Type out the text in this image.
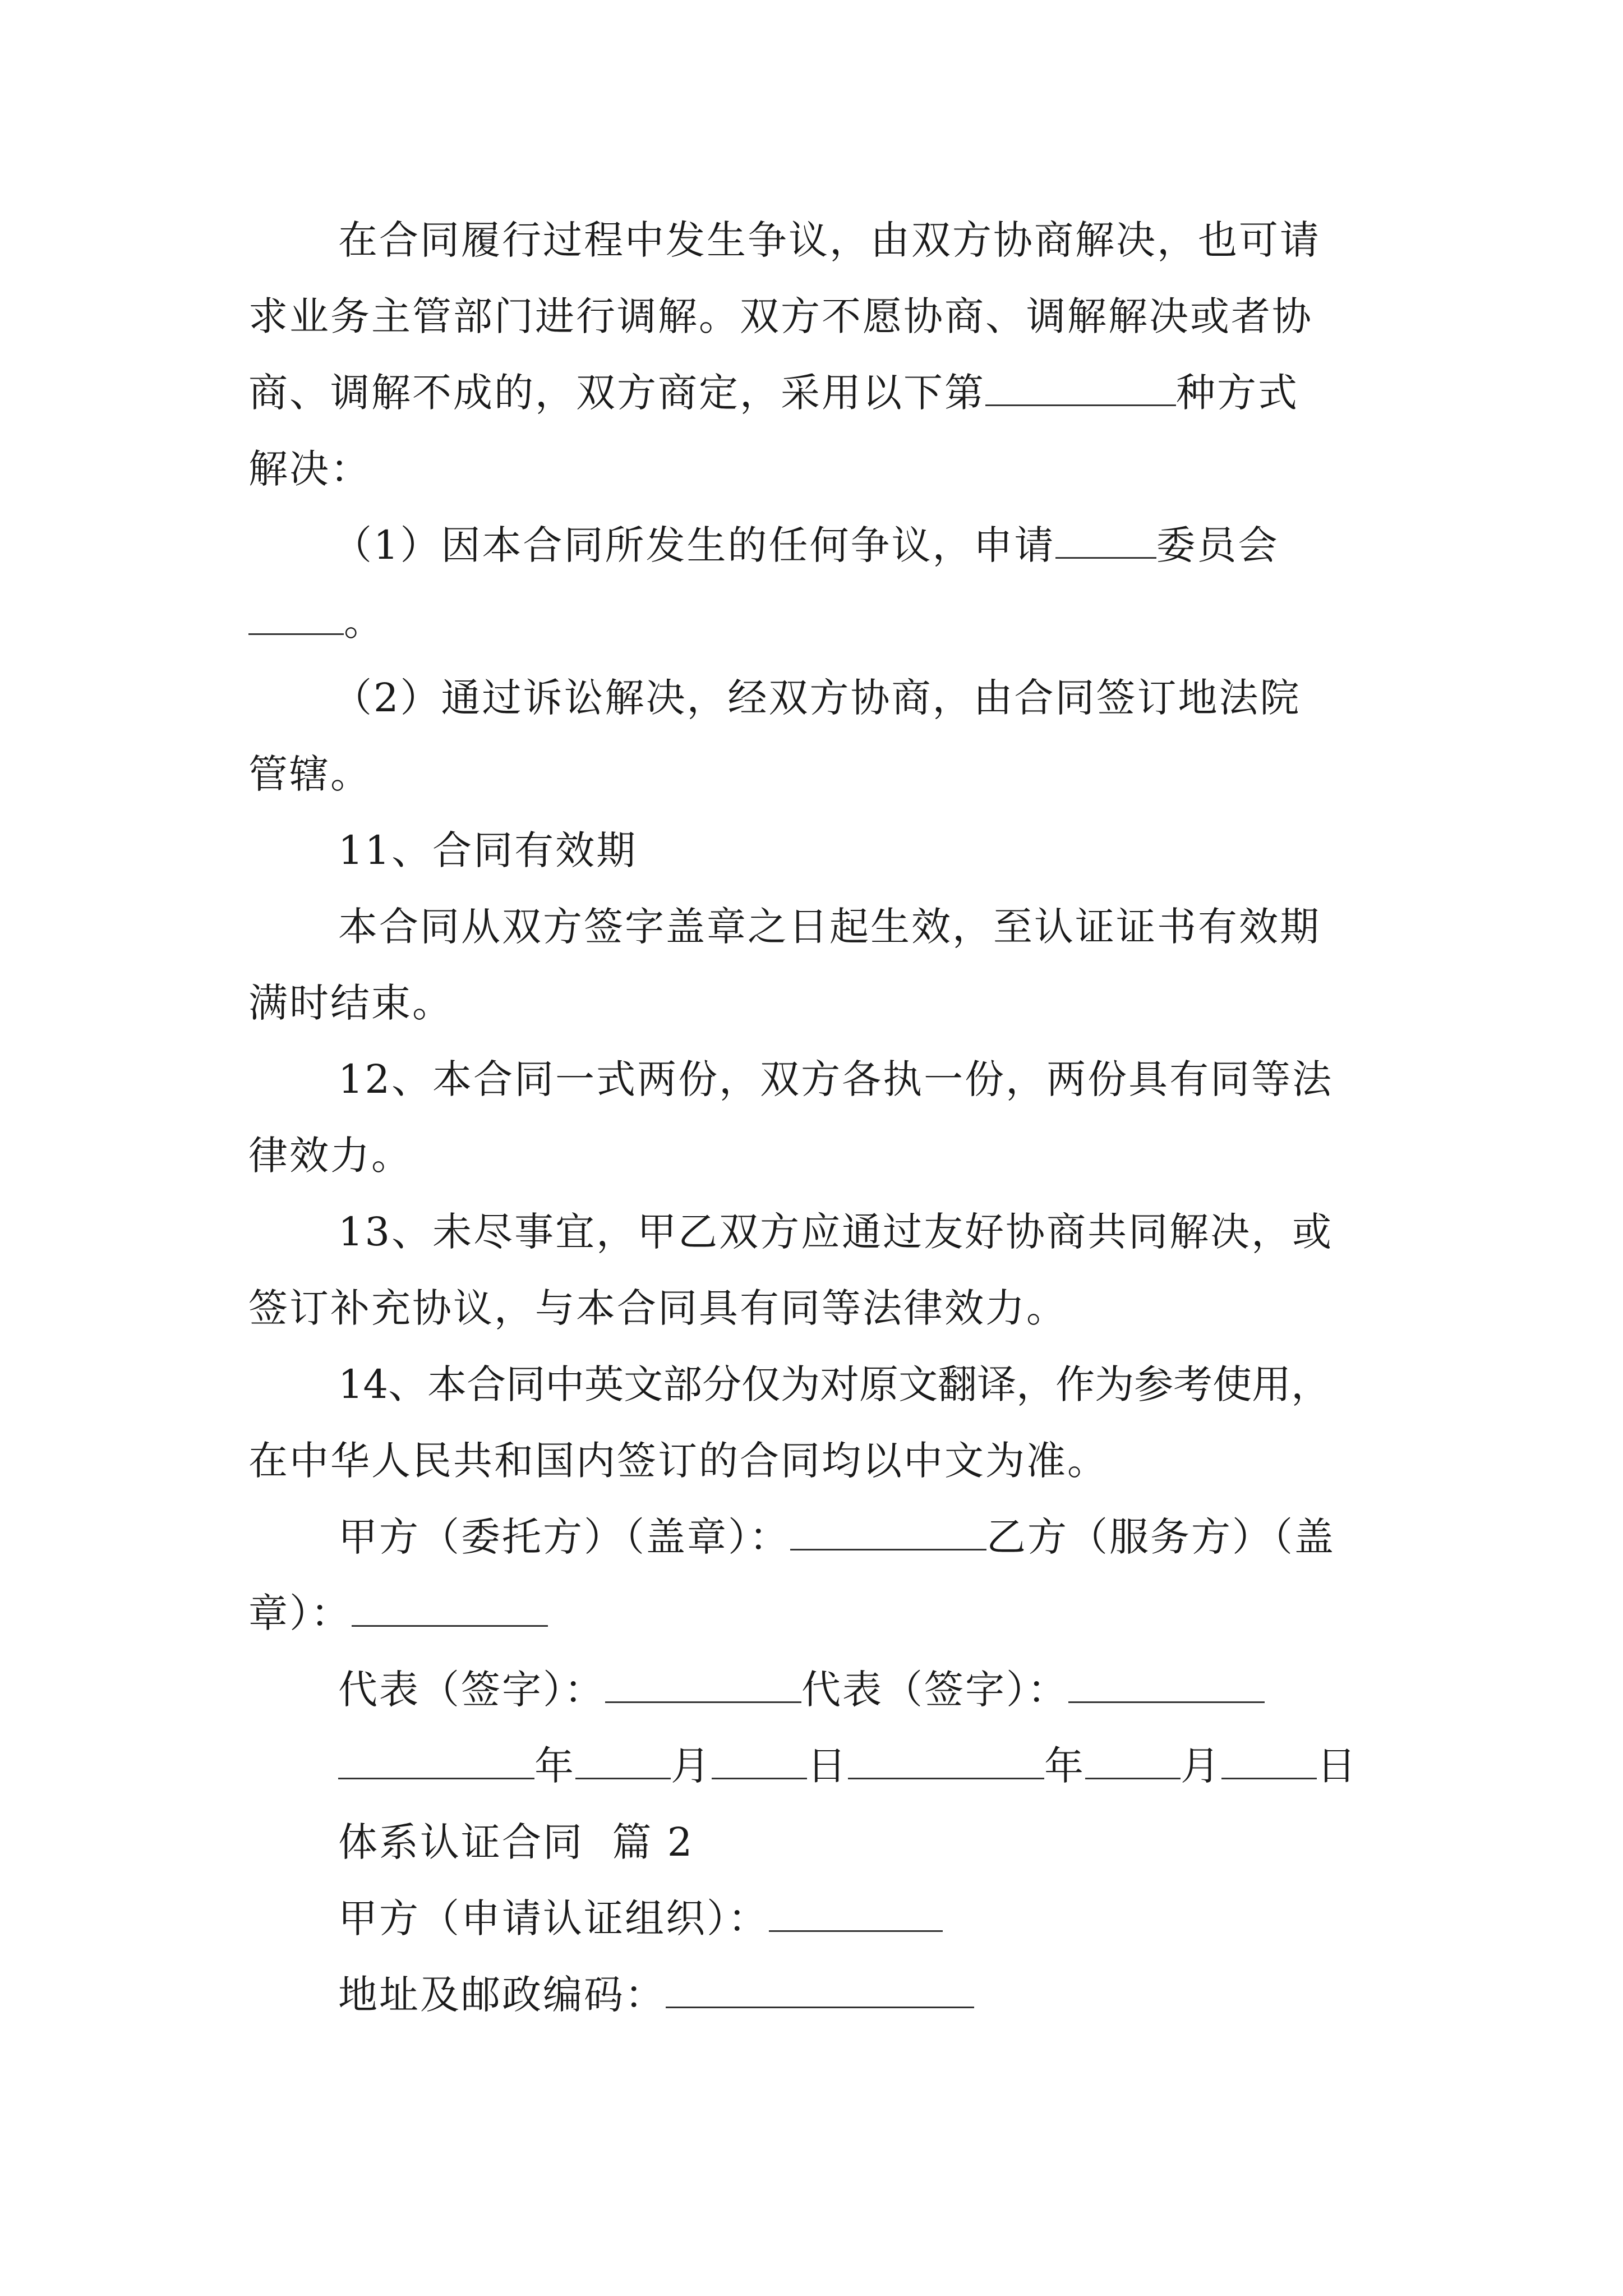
在合同履行过程中发生争议，由双方协商解决，也可请
求业务主管部门进行调解。双方不愿协商、调解解决或者协
商、调解不成的，双方商定，采用以下第	种方式
解决：
（1）因本合同所发生的任何争议，申请	委员会
。
（2）通过诉讼解决，经双方协商，由合同签订地法院
管辖。
11、合同有效期
本合同从双方签字盖章之日起生效，至认证证书有效期
满时结束。
12、本合同一式两份，双方各执一份，两份具有同等法
律效力。
13、未尽事宜，甲乙双方应通过友好协商共同解决，或
签订补充协议，与本合同具有同等法律效力。
14、本合同中英文部分仅为对原文翻译，作为参考使用，
在中华人民共和国内签订的合同均以中文为准。
甲方（委托方）（盖章）：	乙方（服务方）（盖
章）：
代表（签字）：	代表（签字）：
年 月 日	年 月 日
体系认证合同  篇 2
甲方（申请认证组织）：
地址及邮政编码：
